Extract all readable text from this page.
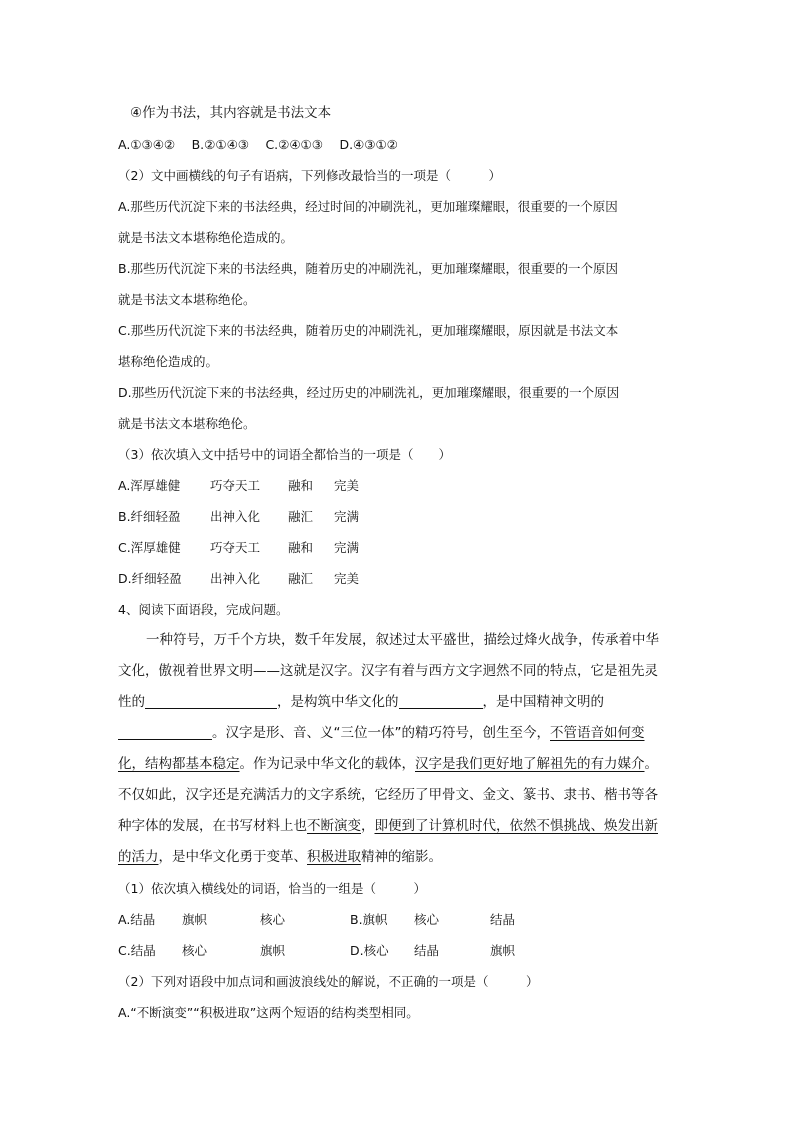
④作为书法，其内容就是书法文本
A.①③④②　 B.②①④③　 C.②④①③　 D.④③①②
（2）文中画横线的句子有语病，下列修改最恰当的一项是（　　　）
A.那些历代沉淀下来的书法经典，经过时间的冲刷洗礼，更加璀璨耀眼，很重要的一个原因
就是书法文本堪称绝伦造成的。
B.那些历代沉淀下来的书法经典，随着历史的冲刷洗礼，更加璀璨耀眼，很重要的一个原因
就是书法文本堪称绝伦。
C.那些历代沉淀下来的书法经典，随着历史的冲刷洗礼，更加璀璨耀眼，原因就是书法文本
堪称绝伦造成的。
D.那些历代沉淀下来的书法经典，经过历史的冲刷洗礼，更加璀璨耀眼，很重要的一个原因
就是书法文本堪称绝伦。
（3）依次填入文中括号中的词语全都恰当的一项是（　　）
A.浑厚雄健 巧夺天工 融和 完美
B.纤细轻盈 出神入化 融汇 完满
C.浑厚雄健 巧夺天工 融和 完满
D.纤细轻盈 出神入化 融汇 完美
4、阅读下面语段，完成问题。
一种符号，万千个方块，数千年发展，叙述过太平盛世，描绘过烽火战争，传承着中华
文化，傲视着世界文明——这就是汉字。汉字有着与西方文字迥然不同的特点，它是祖先灵
性的	，是构筑中华文化的	，是中国精神文明的
。汉字是形、音、义“三位一体”的精巧符号，创生至今，不管语音如何变
化，结构都基本稳定。作为记录中华文化的载体，汉字是我们更好地了解祖先的有力媒介。
不仅如此，汉字还是充满活力的文字系统，它经历了甲骨文、金文、篆书、隶书、楷书等各
种字体的发展，在书写材料上也不断演变，即便到了计算机时代，依然不惧挑战、焕发出新
的活力，是中华文化勇于变革、积极进取精神的缩影。
（1）依次填入横线处的词语，恰当的一组是（　　　）
A.结晶 旗帜	核心	B.旗帜 核心	结晶
C.结晶 核心	旗帜	D.核心 结晶	旗帜
（2）下列对语段中加点词和画波浪线处的解说，不正确的一项是（　　　）
A.“不断演变”“积极进取”这两个短语的结构类型相同。
